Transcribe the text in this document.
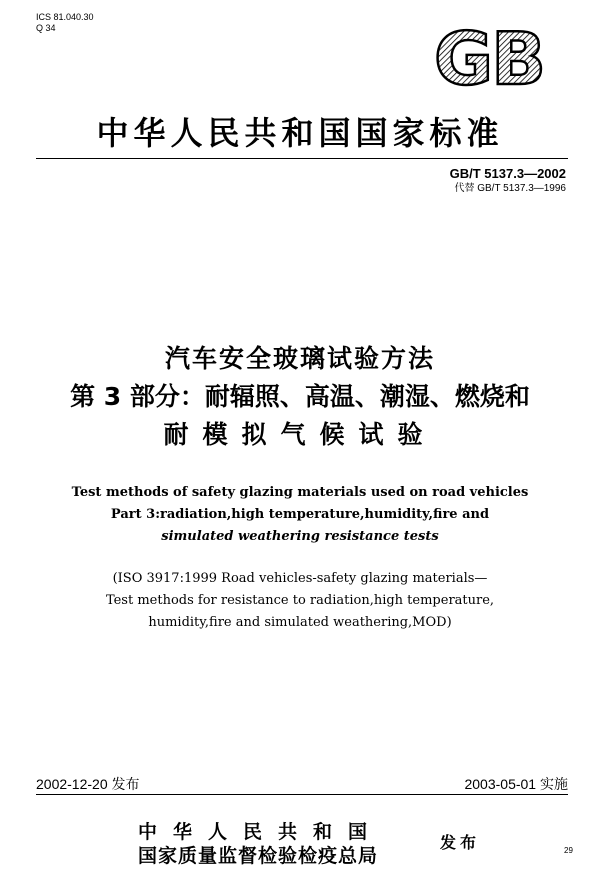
ICS 81.040.30
Q 34	GB
中华人民共和国国家标准
GB/T 5137.3—2002
代替 GB/T 5137.3—1996
汽车安全玻璃试验方法
第 3 部分：耐辐照、高温、潮湿、燃烧和
耐模拟气候试验
Test methods of safety glazing materials used on road vehicles
Part 3:radiation,high temperature,humidity,fire and
simulated weathering resistance tests
(ISO 3917:1999 Road vehicles-safety glazing materials—
Test methods for resistance to radiation,high temperature,
humidity,fire and simulated weathering,MOD)
2002-12-20 发布	2003-05-01 实施
中华人民共和国
国家质量监督检验检疫总局
发布	29
